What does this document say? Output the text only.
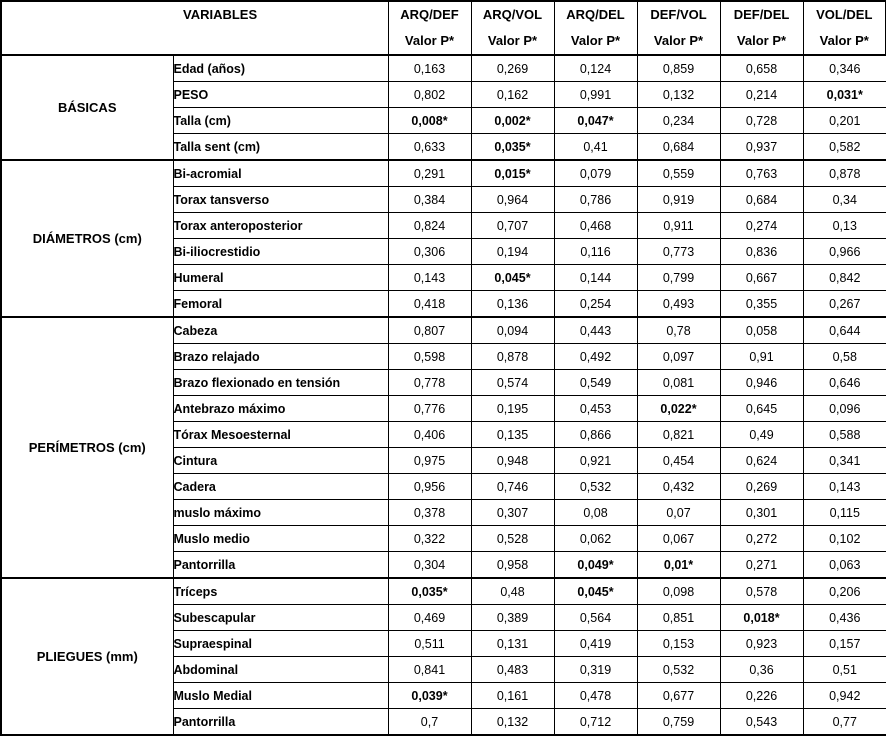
	VARIABLES	ARQ/DEF	ARQ/VOL	ARQ/DEL	DEF/VOL	DEF/DEL	VOL/DEL
		Valor P*	Valor P*	Valor P*	Valor P*	Valor P*	Valor P*
BÁSICAS	Edad (años)	0,163	0,269	0,124	0,859	0,658	0,346
	PESO	0,802	0,162	0,991	0,132	0,214	0,031*
	Talla (cm)	0,008*	0,002*	0,047*	0,234	0,728	0,201
	Talla sent (cm)	0,633	0,035*	0,41	0,684	0,937	0,582
DIÁMETROS (cm)	Bi-acromial	0,291	0,015*	0,079	0,559	0,763	0,878
	Torax tansverso	0,384	0,964	0,786	0,919	0,684	0,34
	Torax anteroposterior	0,824	0,707	0,468	0,911	0,274	0,13
	Bi-iliocrestidio	0,306	0,194	0,116	0,773	0,836	0,966
	Humeral	0,143	0,045*	0,144	0,799	0,667	0,842
	Femoral	0,418	0,136	0,254	0,493	0,355	0,267
PERÍMETROS (cm)	Cabeza	0,807	0,094	0,443	0,78	0,058	0,644
	Brazo relajado	0,598	0,878	0,492	0,097	0,91	0,58
	Brazo flexionado en tensión	0,778	0,574	0,549	0,081	0,946	0,646
	Antebrazo máximo	0,776	0,195	0,453	0,022*	0,645	0,096
	Tórax Mesoesternal	0,406	0,135	0,866	0,821	0,49	0,588
	Cintura	0,975	0,948	0,921	0,454	0,624	0,341
	Cadera	0,956	0,746	0,532	0,432	0,269	0,143
	muslo máximo	0,378	0,307	0,08	0,07	0,301	0,115
	Muslo medio	0,322	0,528	0,062	0,067	0,272	0,102
	Pantorrilla	0,304	0,958	0,049*	0,01*	0,271	0,063
PLIEGUES (mm)	Tríceps	0,035*	0,48	0,045*	0,098	0,578	0,206
	Subescapular	0,469	0,389	0,564	0,851	0,018*	0,436
	Supraespinal	0,511	0,131	0,419	0,153	0,923	0,157
	Abdominal	0,841	0,483	0,319	0,532	0,36	0,51
	Muslo Medial	0,039*	0,161	0,478	0,677	0,226	0,942
	Pantorrilla	0,7	0,132	0,712	0,759	0,543	0,77
